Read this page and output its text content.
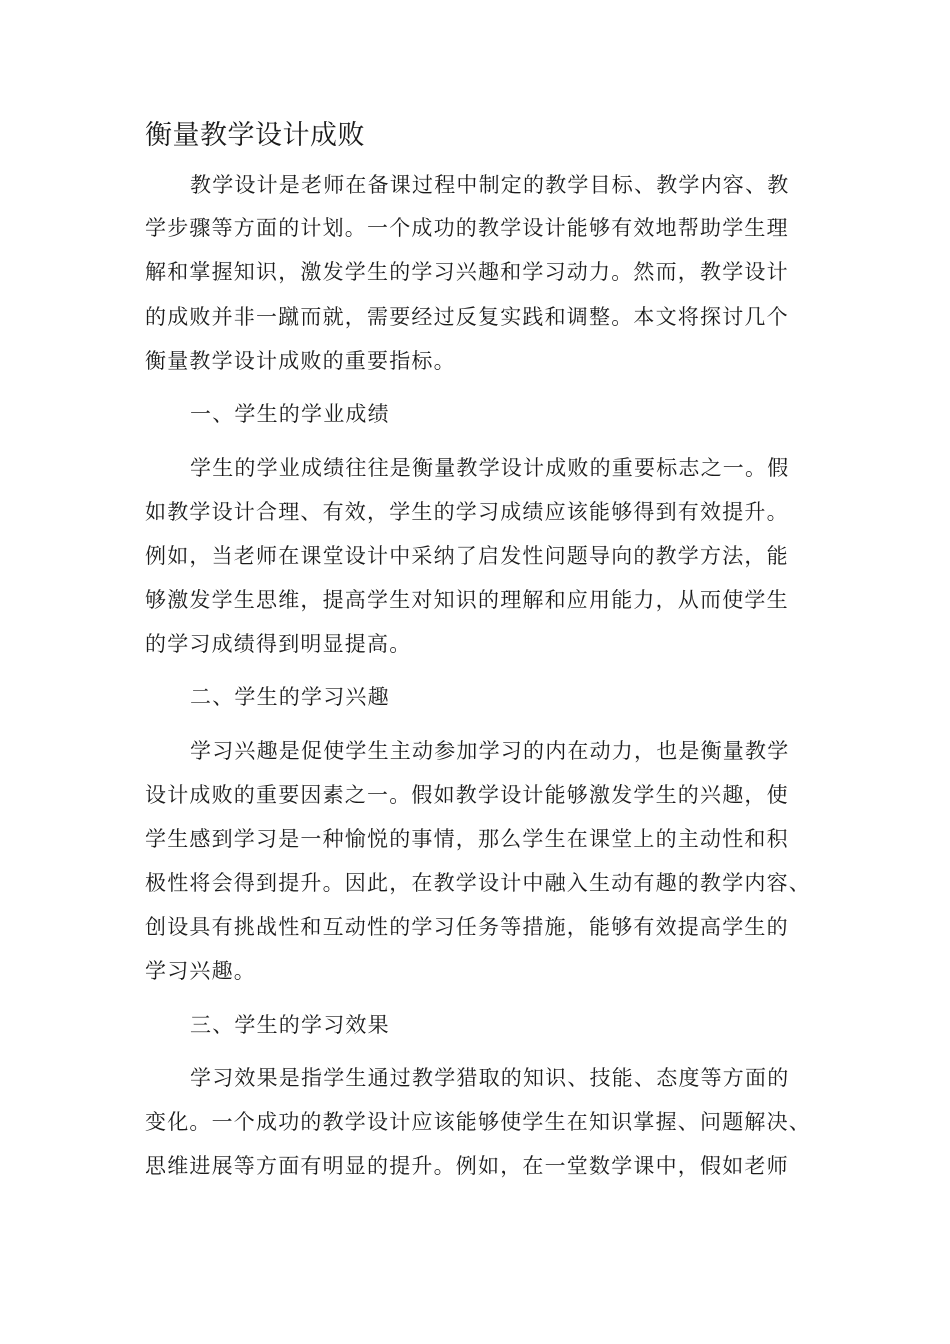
衡量教学设计成败

教学设计是老师在备课过程中制定的教学目标、教学内容、教

学步骤等方面的计划。一个成功的教学设计能够有效地帮助学生理

解和掌握知识，激发学生的学习兴趣和学习动力。然而，教学设计

的成败并非一蹴而就，需要经过反复实践和调整。本文将探讨几个

衡量教学设计成败的重要指标。

一、学生的学业成绩

学生的学业成绩往往是衡量教学设计成败的重要标志之一。假

如教学设计合理、有效，学生的学习成绩应该能够得到有效提升。

例如，当老师在课堂设计中采纳了启发性问题导向的教学方法，能

够激发学生思维，提高学生对知识的理解和应用能力，从而使学生

的学习成绩得到明显提高。

二、学生的学习兴趣

学习兴趣是促使学生主动参加学习的内在动力，也是衡量教学

设计成败的重要因素之一。假如教学设计能够激发学生的兴趣，使

学生感到学习是一种愉悦的事情，那么学生在课堂上的主动性和积

极性将会得到提升。因此，在教学设计中融入生动有趣的教学内容、

创设具有挑战性和互动性的学习任务等措施，能够有效提高学生的

学习兴趣。

三、学生的学习效果

学习效果是指学生通过教学猎取的知识、技能、态度等方面的

变化。一个成功的教学设计应该能够使学生在知识掌握、问题解决、

思维进展等方面有明显的提升。例如，在一堂数学课中，假如老师
